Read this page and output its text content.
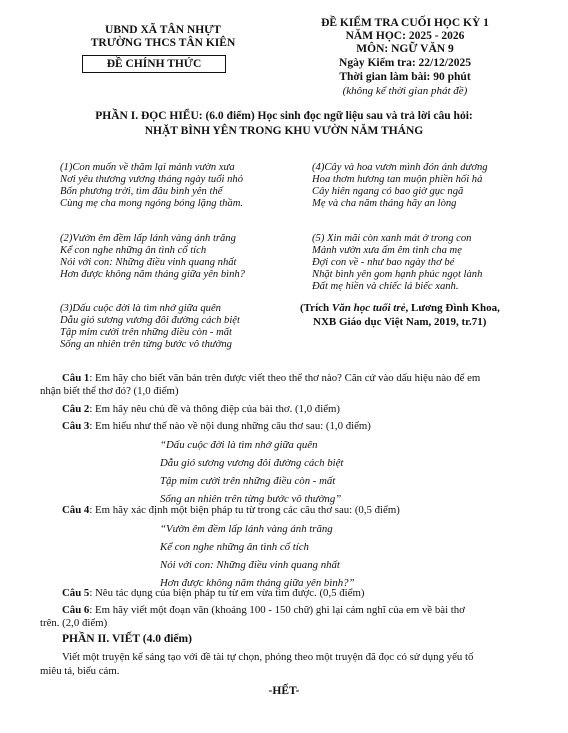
UBND XÃ TÂN NHỰT
TRƯỜNG THCS TÂN KIÊN
ĐỀ CHÍNH THỨC
ĐỀ KIỂM TRA CUỐI HỌC KỲ 1
NĂM HỌC: 2025 - 2026
MÔN: NGỮ VĂN 9
Ngày Kiểm tra: 22/12/2025
Thời gian làm bài: 90 phút
(không kể thời gian phát đề)
PHẦN I. ĐỌC HIỂU: (6.0 điểm) Học sinh đọc ngữ liệu sau và trả lời câu hỏi:
NHẶT BÌNH YÊN TRONG KHU VƯỜN NĂM THÁNG
(1)Con muốn về thăm lại mảnh vườn xưa
Nơi yêu thương vương tháng ngày tuổi nhỏ
Bốn phương trời, tìm đâu bình yên thế
Cùng mẹ cha mong ngóng bóng lặng thầm.
(2)Vườn êm đềm lấp lánh vàng ánh trăng
Kể con nghe những ân tình cổ tích
Nói với con: Những điều vinh quang nhất
Hơn được không năm tháng giữa yên bình?
(3)Dấu cuộc đời là tìm nhớ giữa quên
Dẫu gió sương vương đôi đường cách biệt
Tập mỉm cười trên những điều còn - mất
Sống an nhiên trên từng bước vô thường
(4)Cây và hoa vươn mình đón ánh dương
Hoa thơm hương tan muộn phiền hối hả
Cây hiên ngang có bao giờ gục ngã
Mẹ và cha năm tháng hãy an lòng
(5) Xin mãi còn xanh mát ở trong con
Mảnh vườn xưa ấm êm tình cha mẹ
Đợi con về - như bao ngày thơ bé
Nhặt bình yên gom hạnh phúc ngọt lành
Đất mẹ hiền và chiếc lá biếc xanh.
(Trích Văn học tuổi trẻ, Lương Đình Khoa,
NXB Giáo dục Việt Nam, 2019, tr.71)
Câu 1: Em hãy cho biết văn bản trên được viết theo thể thơ nào? Căn cứ vào dấu hiệu nào để em
nhận biết thể thơ đó? (1,0 điểm)
Câu 2: Em hãy nêu chủ đề và thông điệp của bài thơ. (1,0 điểm)
Câu 3: Em hiểu như thế nào về nội dung những câu thơ sau: (1,0 điểm)
“Dấu cuộc đời là tìm nhớ giữa quên
Dẫu gió sương vương đôi đường cách biệt
Tập mỉm cười trên những điều còn - mất
Sống an nhiên trên từng bước vô thường”
Câu 4: Em hãy xác định một biện pháp tu từ trong các câu thơ sau: (0,5 điểm)
“Vườn êm đềm lấp lánh vàng ánh trăng
Kể con nghe những ân tình cổ tích
Nói với con: Những điều vinh quang nhất
Hơn được không năm tháng giữa yên bình?”
Câu 5: Nêu tác dụng của biện pháp tu từ em vừa tìm được. (0,5 điểm)
Câu 6: Em hãy viết một đoạn văn (khoảng 100 - 150 chữ) ghi lại cảm nghĩ của em về bài thơ
trên. (2,0 điểm)
PHẦN II. VIẾT (4.0 điểm)
Viết một truyện kể sáng tạo với đề tài tự chọn, phỏng theo một truyện đã đọc có sử dụng yếu tố
miêu tả, biểu cảm.
-HẾT-
